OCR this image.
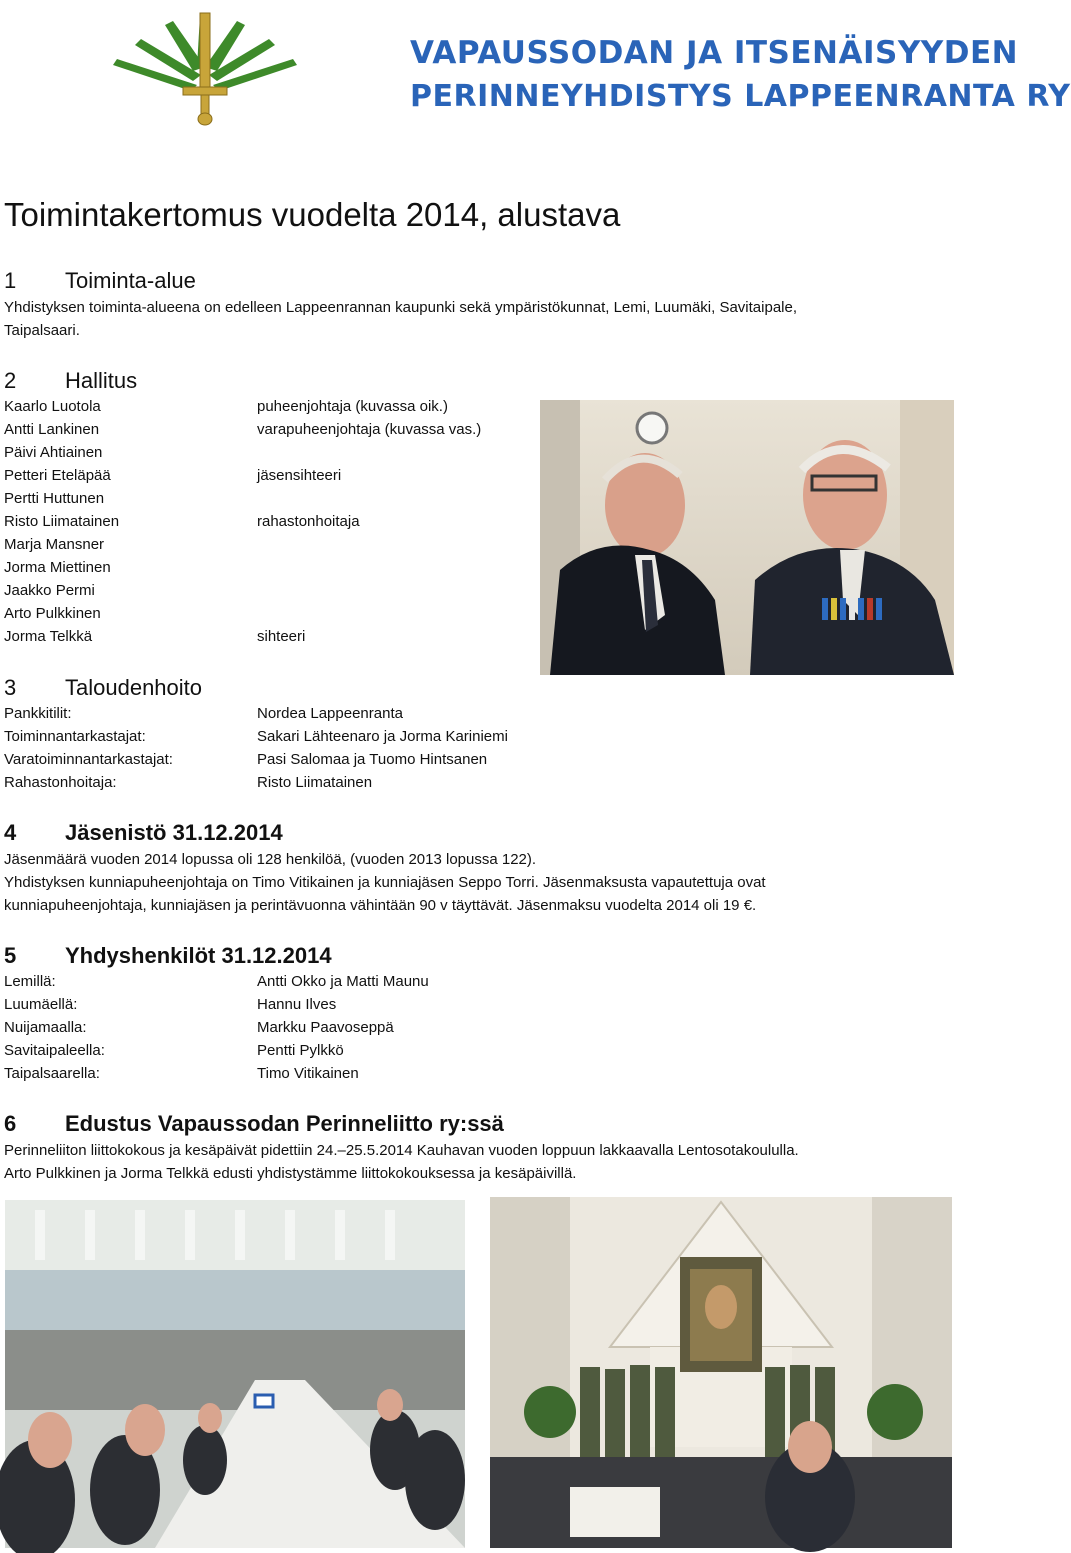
VAPAUSSODAN JA ITSENÄISYYDEN
PERINNEYHDISTYS LAPPEENRANTA RY
Toimintakertomus vuodelta 2014, alustava
1 Toiminta-alue
Yhdistyksen toiminta-alueena on edelleen Lappeenrannan kaupunki sekä ympäristökunnat, Lemi, Luumäki, Savitaipale,
Taipalsaari.
2 Hallitus
Kaarlo Luotola	puheenjohtaja (kuvassa oik.)
Antti Lankinen	varapuheenjohtaja (kuvassa vas.)
Päivi Ahtiainen
Petteri Eteläpää	jäsensihteeri
Pertti Huttunen
Risto Liimatainen	rahastonhoitaja
Marja Mansner
Jorma Miettinen
Jaakko Permi
Arto Pulkkinen
Jorma Telkkä	sihteeri
3 Taloudenhoito
Pankkitilit:	Nordea Lappeenranta
Toiminnantarkastajat:	Sakari Lähteenaro ja Jorma Kariniemi
Varatoiminnantarkastajat:	Pasi Salomaa ja Tuomo Hintsanen
Rahastonhoitaja:	Risto Liimatainen
4 Jäsenistö 31.12.2014
Jäsenmäärä vuoden 2014 lopussa oli 128 henkilöä, (vuoden 2013 lopussa 122).
Yhdistyksen kunniapuheenjohtaja on Timo Vitikainen ja kunniajäsen Seppo Torri. Jäsenmaksusta vapautettuja ovat
kunniapuheenjohtaja, kunniajäsen ja perintävuonna vähintään 90 v täyttävät. Jäsenmaksu vuodelta 2014 oli 19 €.
5 Yhdyshenkilöt 31.12.2014
Lemillä:	Antti Okko ja Matti Maunu
Luumäellä:	Hannu Ilves
Nuijamaalla:	Markku Paavoseppä
Savitaipaleella:	Pentti Pylkkö
Taipalsaarella:	Timo Vitikainen
6 Edustus Vapaussodan Perinneliitto ry:ssä
Perinneliiton liittokokous ja kesäpäivät pidettiin 24.–25.5.2014 Kauhavan vuoden loppuun lakkaavalla Lentosotakoululla.
Arto Pulkkinen ja Jorma Telkkä edusti yhdistystämme liittokokouksessa ja kesäpäivillä.
